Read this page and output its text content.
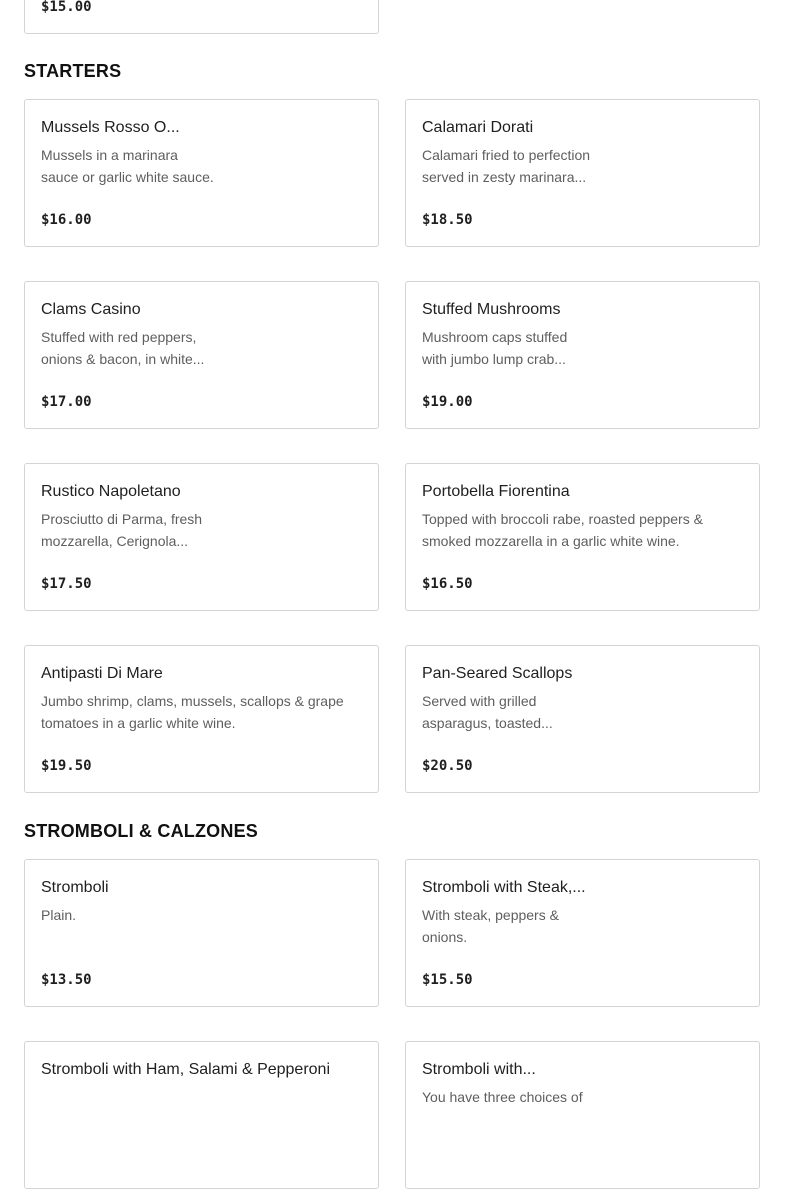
$15.00
STARTERS
Mussels Rosso O...
Mussels in a marinara
sauce or garlic white sauce.
$16.00
Calamari Dorati
Calamari fried to perfection
served in zesty marinara...
$18.50
Clams Casino
Stuffed with red peppers,
onions & bacon, in white...
$17.00
Stuffed Mushrooms
Mushroom caps stuffed
with jumbo lump crab...
$19.00
Rustico Napoletano
Prosciutto di Parma, fresh
mozzarella, Cerignola...
$17.50
Portobella Fiorentina
Topped with broccoli rabe, roasted peppers &
smoked mozzarella in a garlic white wine.
$16.50
Antipasti Di Mare
Jumbo shrimp, clams, mussels, scallops & grape
tomatoes in a garlic white wine.
$19.50
Pan-Seared Scallops
Served with grilled
asparagus, toasted...
$20.50
STROMBOLI & CALZONES
Stromboli
Plain.
$13.50
Stromboli with Steak,...
With steak, peppers &
onions.
$15.50
Stromboli with Ham, Salami & Pepperoni	Stromboli with...
You have three choices of
